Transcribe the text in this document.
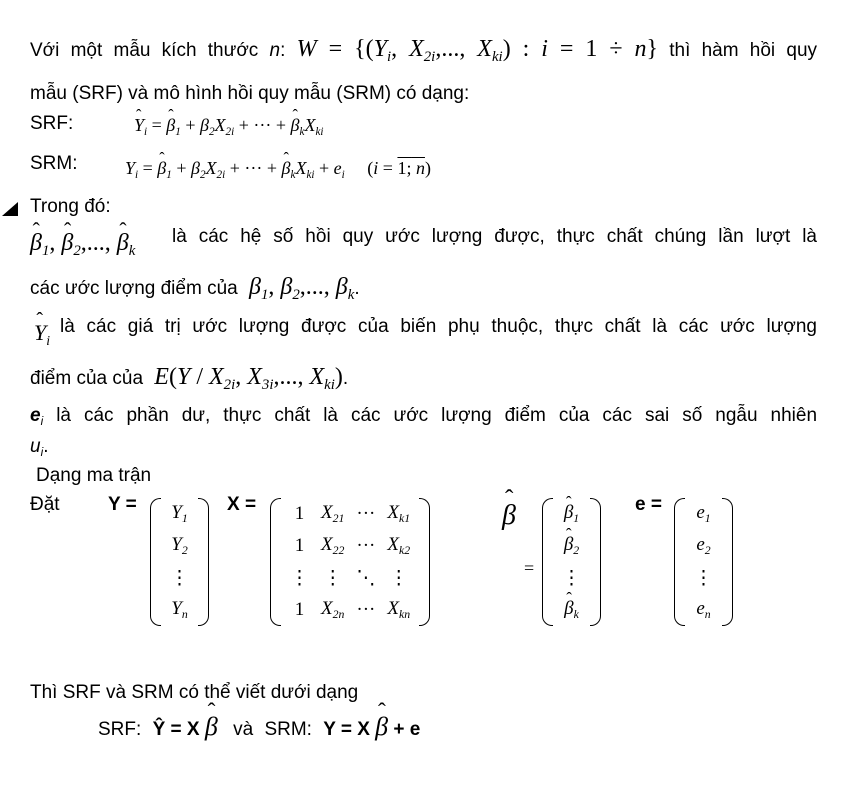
Với một mẫu kích thước n: $W = \{(Y_i$, $X_{2i}$,..., $X_{ki}$) : i = 1 ÷ n} thì hàm hồi quy
mẫu (SRF) và mô hình hồi quy mẫu (SRM) có dạng:
SRF:	ˆ $Y_i$ = ˆ $\beta_1 + \beta_2X_{2i}$ + ··· + ˆ $\beta_kX_{ki}$
SRM:	$Y_i$ = ˆ $\beta_1 + \beta_2X_{2i}$ + ··· + ˆ $\beta_kX_{ki} + e_i$ (i = 1; n)
Trong đó:
ˆ $\beta_1$, ˆ $\beta_2$,..., ˆ $\beta_k$
là các hệ số hồi quy ước lượng được, thực chất chúng lần lượt là
các ước lượng điểm của $\beta_1$, $\beta_2$,..., $\beta_k$.
ˆ $Y_i$
là các giá trị ước lượng được của biến phụ thuộc, thực chất là các ước lượng
điểm của của $E(Y / X_{2i}$, $X_{3i}$,..., $X_{ki}$).
$e_i$ là các phần dư, thực chất là các ước lượng điểm của các sai số ngẫu nhiên
$u_i$.
Dạng ma trận
Đặt	Y =	X =	e =
ˆ β
=
$Y_1$
$Y_2$
⋮
$Y_n$
1	$X_{21}$	···	$X_{k1}$
1	$X_{22}$	···	$X_{k2}$
⋮	⋮	⋱	⋮
1	$X_{2n}$	···	$X_{kn}$
ˆ $\beta_1$
ˆ $\beta_2$
⋮
ˆ $\beta_k$
$e_1$
$e_2$
⋮
$e_n$
Thì SRF và SRM có thể viết dưới dạng
SRF: Ŷ = X ˆ β và SRM: Y = X ˆ β + e
